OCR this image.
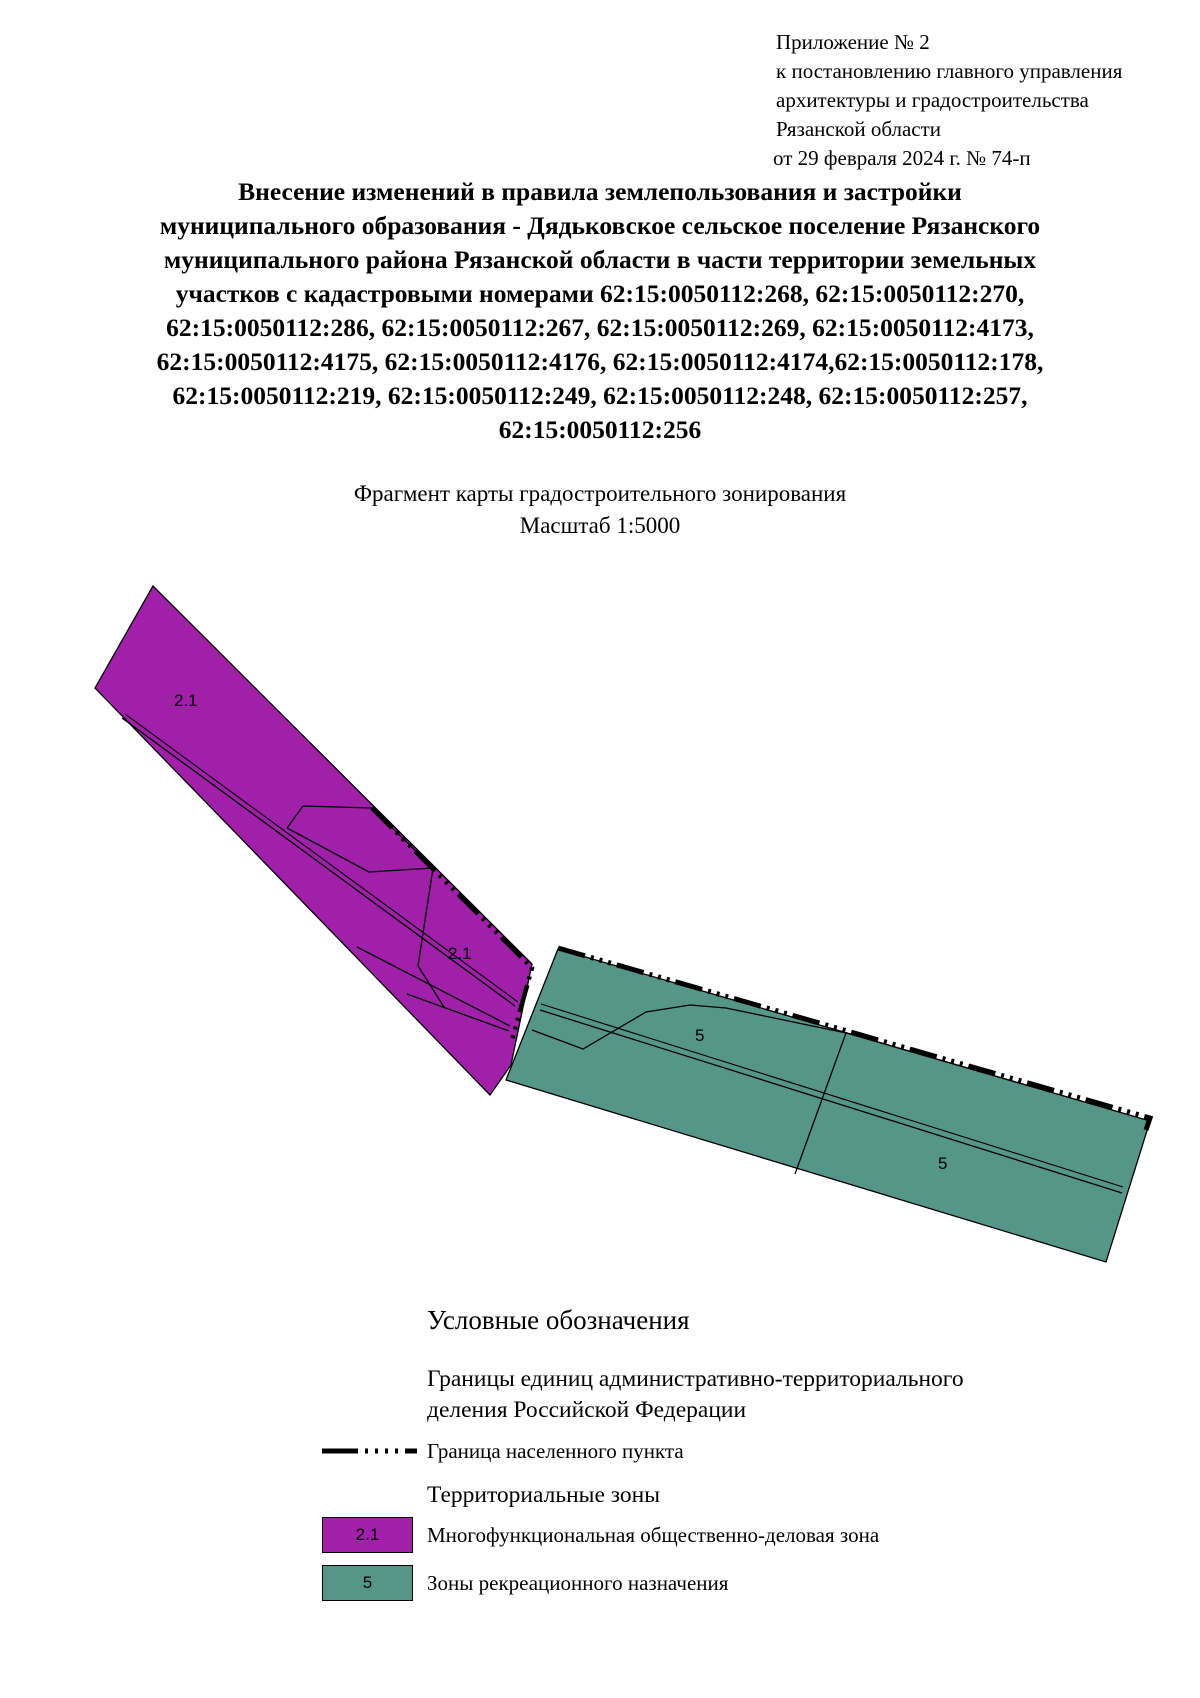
Приложение № 2
к постановлению главного управления
архитектуры и градостроительства
Рязанской области
от 29 февраля 2024 г. № 74-п
Внесение изменений в правила землепользования и застройки
муниципального образования - Дядьковское сельское поселение Рязанского
муниципального района Рязанской области в части территории земельных
участков с кадастровыми номерами 62:15:0050112:268, 62:15:0050112:270,
62:15:0050112:286, 62:15:0050112:267, 62:15:0050112:269, 62:15:0050112:4173,
62:15:0050112:4175, 62:15:0050112:4176, 62:15:0050112:4174,62:15:0050112:178,
62:15:0050112:219, 62:15:0050112:249, 62:15:0050112:248, 62:15:0050112:257,
62:15:0050112:256
Фрагмент карты градостроительного зонирования
Масштаб 1:5000
2.1
2.1
5
5
Условные обозначения
Границы единиц административно-территориального
деления Российской Федерации
Граница населенного пункта
Территориальные зоны
2.1	Многофункциональная общественно-деловая зона
5	Зоны рекреационного назначения
